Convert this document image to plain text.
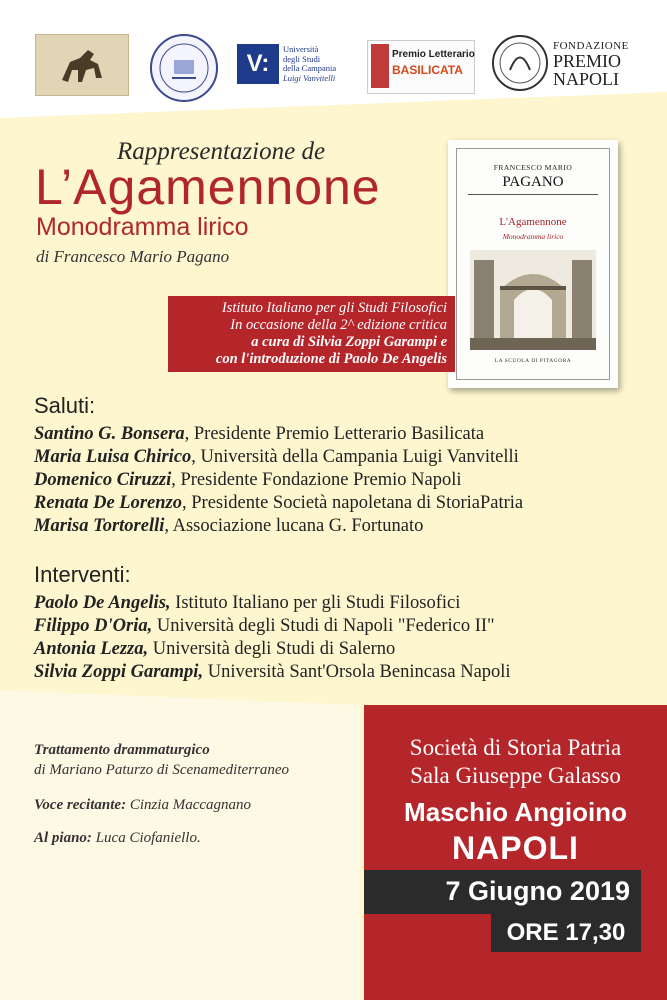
V:
Università
degli Studi
della Campania
Luigi Vanvitelli
Premio Letterario
BASILICATA
FONDAZIONE
PREMIO
NAPOLI
Rappresentazione de
L’Agamennone
Monodramma lirico
di Francesco Mario Pagano
FRANCESCO MARIO
PAGANO
L'Agamennone
Monodramma lirico
LA SCUOLA DI PITAGORA
Istituto Italiano per gli Studi Filosofici
In occasione della 2^ edizione critica
a cura di Silvia Zoppi Garampi e
con l'introduzione di Paolo De Angelis
Saluti:
Santino G. Bonsera, Presidente Premio Letterario Basilicata
Maria Luisa Chirico, Università della Campania Luigi Vanvitelli
Domenico Ciruzzi, Presidente Fondazione Premio Napoli
Renata De Lorenzo, Presidente Società napoletana di StoriaPatria
Marisa Tortorelli, Associazione lucana G. Fortunato
Interventi:
Paolo De Angelis, Istituto Italiano per gli Studi Filosofici
Filippo D'Oria, Università degli Studi di Napoli "Federico II"
Antonia Lezza, Università degli Studi di Salerno
Silvia Zoppi Garampi, Università Sant'Orsola Benincasa Napoli
Trattamento drammaturgico
di Mariano Paturzo di Scenamediterraneo
Voce recitante: Cinzia Maccagnano
Al piano: Luca Ciofaniello.
Società di Storia Patria
Sala Giuseppe Galasso
Maschio Angioino
NAPOLI
7 Giugno 2019
ORE 17,30
